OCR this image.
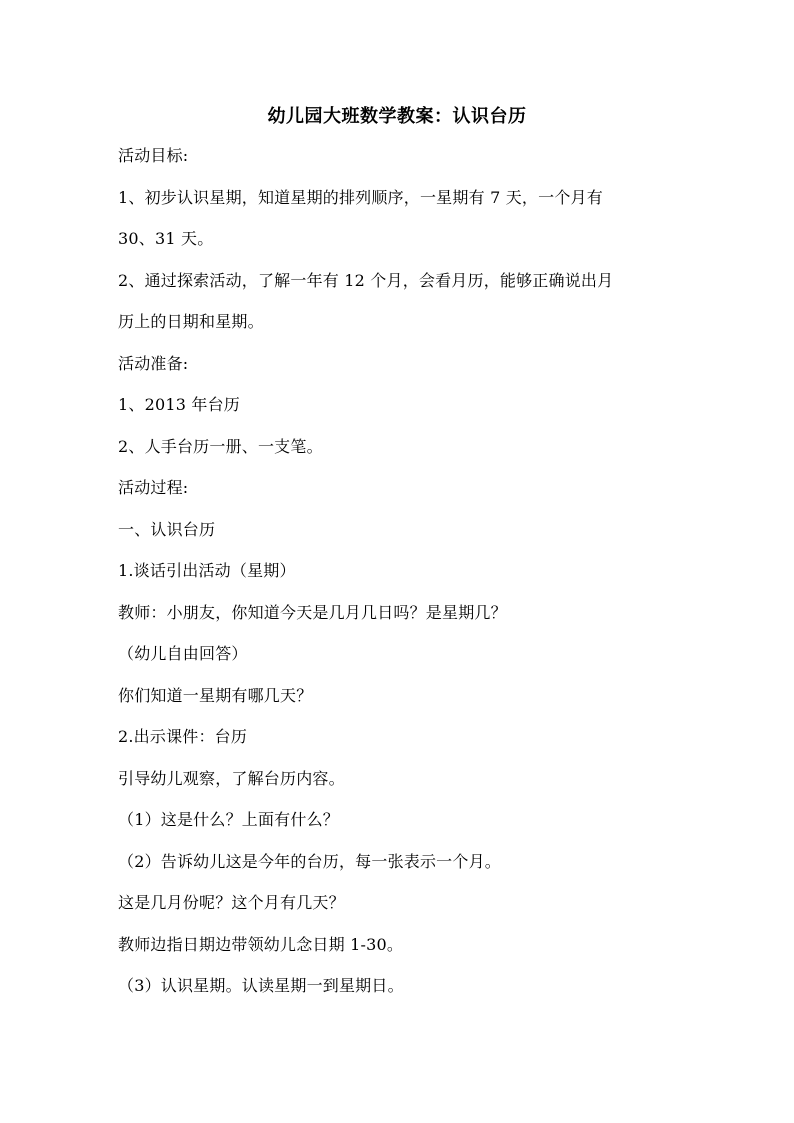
幼儿园大班数学教案：认识台历
活动目标:
1、初步认识星期，知道星期的排列顺序，一星期有 7 天，一个月有
30、31 天。
2、通过探索活动，了解一年有 12 个月，会看月历，能够正确说出月
历上的日期和星期。
活动准备:
1、2013 年台历
2、人手台历一册、一支笔。
活动过程:
一、认识台历
1.谈话引出活动（星期）
教师：小朋友，你知道今天是几月几日吗？是星期几？
（幼儿自由回答）
你们知道一星期有哪几天？
2.出示课件：台历
引导幼儿观察，了解台历内容。
（1）这是什么？上面有什么？
（2）告诉幼儿这是今年的台历，每一张表示一个月。
这是几月份呢？这个月有几天？
教师边指日期边带领幼儿念日期 1-30。
（3）认识星期。认读星期一到星期日。
